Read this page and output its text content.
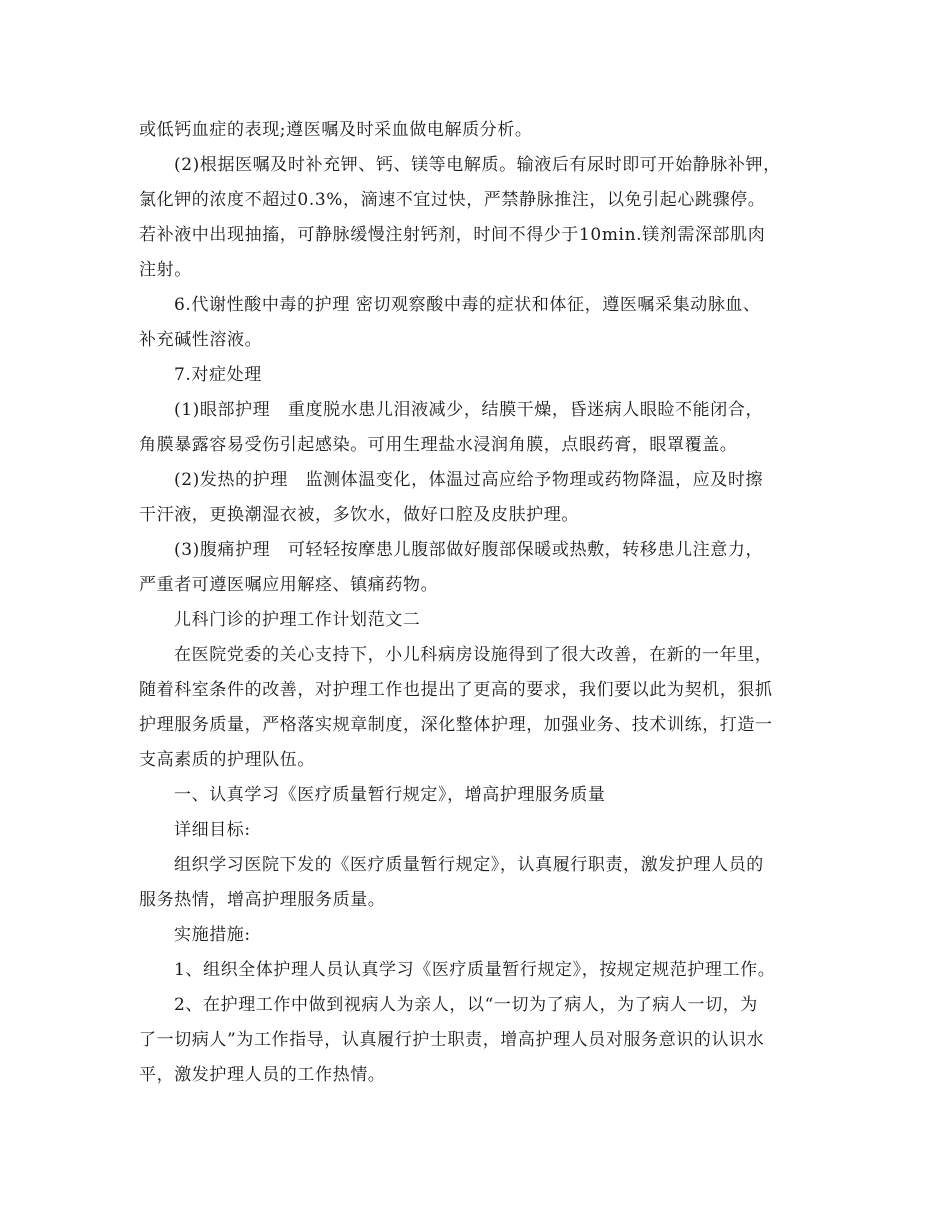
或低钙血症的表现;遵医嘱及时采血做电解质分析。
(2)根据医嘱及时补充钾、钙、镁等电解质。输液后有尿时即可开始静脉补钾，
氯化钾的浓度不超过0.3%，滴速不宜过快，严禁静脉推注，以免引起心跳骤停。
若补液中出现抽搐，可静脉缓慢注射钙剂，时间不得少于10min.镁剂需深部肌肉
注射。
6.代谢性酸中毒的护理 密切观察酸中毒的症状和体征，遵医嘱采集动脉血、
补充碱性溶液。
7.对症处理
(1)眼部护理　重度脱水患儿泪液减少，结膜干燥，昏迷病人眼睑不能闭合，
角膜暴露容易受伤引起感染。可用生理盐水浸润角膜，点眼药膏，眼罩覆盖。
(2)发热的护理　监测体温变化，体温过高应给予物理或药物降温，应及时擦
干汗液，更换潮湿衣被，多饮水，做好口腔及皮肤护理。
(3)腹痛护理　可轻轻按摩患儿腹部做好腹部保暖或热敷，转移患儿注意力，
严重者可遵医嘱应用解痉、镇痛药物。
儿科门诊的护理工作计划范文二
在医院党委的关心支持下，小儿科病房设施得到了很大改善，在新的一年里，
随着科室条件的改善，对护理工作也提出了更高的要求，我们要以此为契机，狠抓
护理服务质量，严格落实规章制度，深化整体护理，加强业务、技术训练，打造一
支高素质的护理队伍。
一、认真学习《医疗质量暂行规定》，增高护理服务质量
详细目标:
组织学习医院下发的《医疗质量暂行规定》，认真履行职责，激发护理人员的
服务热情，增高护理服务质量。
实施措施:
1、组织全体护理人员认真学习《医疗质量暂行规定》，按规定规范护理工作。
2、在护理工作中做到视病人为亲人，以“一切为了病人，为了病人一切，为
了一切病人”为工作指导，认真履行护士职责，增高护理人员对服务意识的认识水
平，激发护理人员的工作热情。
